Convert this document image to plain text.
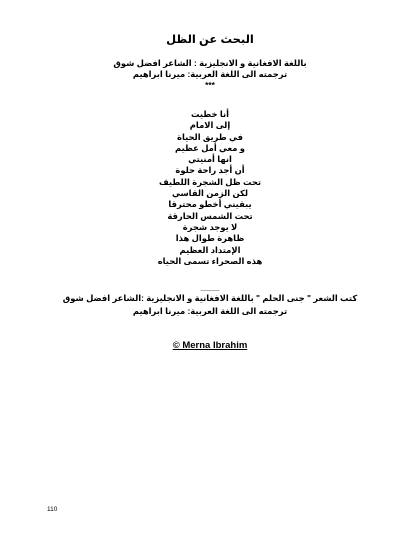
البحث عن الظل
باللغة الافغانية و الانجليزية : الشاعر افضل شوق
ترجمته الى اللغة العربية: ميرنا ابراهيم
***
أنا خطيت
إلى الامام
في طريق الحياة
و معي أمل عظيم
انها أمنيتي
أن أجد راحة حلوة
تحت ظل الشجرة اللطيف
لكن الزمن القاسي
يبقيني أخطو محترقا
تحت الشمس الحارقة
لا يوجد شجرة
ظاهرة طوال هذا
الإمتداد العظيم
هذه الصحراء تسمى الحياه
____
كتب الشعر " جنى الحلم " باللغة الافغانية و الانجليزية :الشاعر افضل شوق
ترجمته الى اللغة العربية: ميرنا ابراهيم
© Merna Ibrahim
110
